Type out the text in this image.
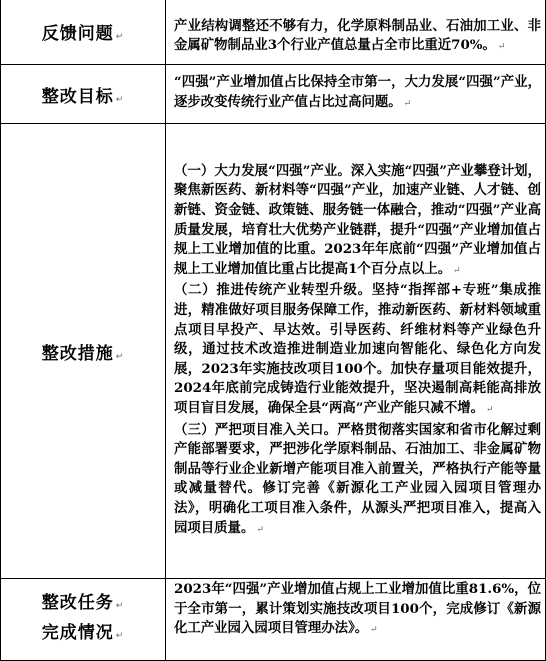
反馈问题 ↵	产业结构调整还不够有力，化学原料制品业、石油加工业、非金属矿物制品业3个行业产值总量占全市比重近70%。 ↵

整改目标 ↵	“四强”产业增加值占比保持全市第一，大力发展“四强”产业，逐步改变传统行业产值占比过高问题。 ↵

整改措施 ↵	（一）大力发展“四强”产业。深入实施“四强”产业攀登计划，聚焦新医药、新材料等“四强”产业，加速产业链、人才链、创新链、资金链、政策链、服务链一体融合，推动“四强”产业高质量发展，培育壮大优势产业链群，提升“四强”产业增加值占规上工业增加值的比重。2023年年底前“四强”产业增加值占规上工业增加值比重占比提高1个百分点以上。 ↵
（二）推进传统产业转型升级。坚持“指挥部+专班”集成推进，精准做好项目服务保障工作，推动新医药、新材料领域重点项目早投产、早达效。引导医药、纤维材料等产业绿色升级，通过技术改造推进制造业加速向智能化、绿色化方向发展，2023年实施技改项目100个。加快存量项目能效提升，2024年底前完成铸造行业能效提升，坚决遏制高耗能高排放项目盲目发展，确保全县“两高”产业产能只减不增。 ↵
（三）严把项目准入关口。严格贯彻落实国家和省市化解过剩产能部署要求，严把涉化学原料制品、石油加工、非金属矿物制品等行业企业新增产能项目准入前置关，严格执行产能等量或减量替代。修订完善《新源化工产业园入园项目管理办法》，明确化工项目准入条件，从源头严把项目准入，提高入园项目质量。 ↵

整改任务 ↵
完成情况 ↵	2023年“四强”产业增加值占规上工业增加值比重81.6%，位于全市第一，累计策划实施技改项目100个，完成修订《新源化工产业园入园项目管理办法》。 ↵
